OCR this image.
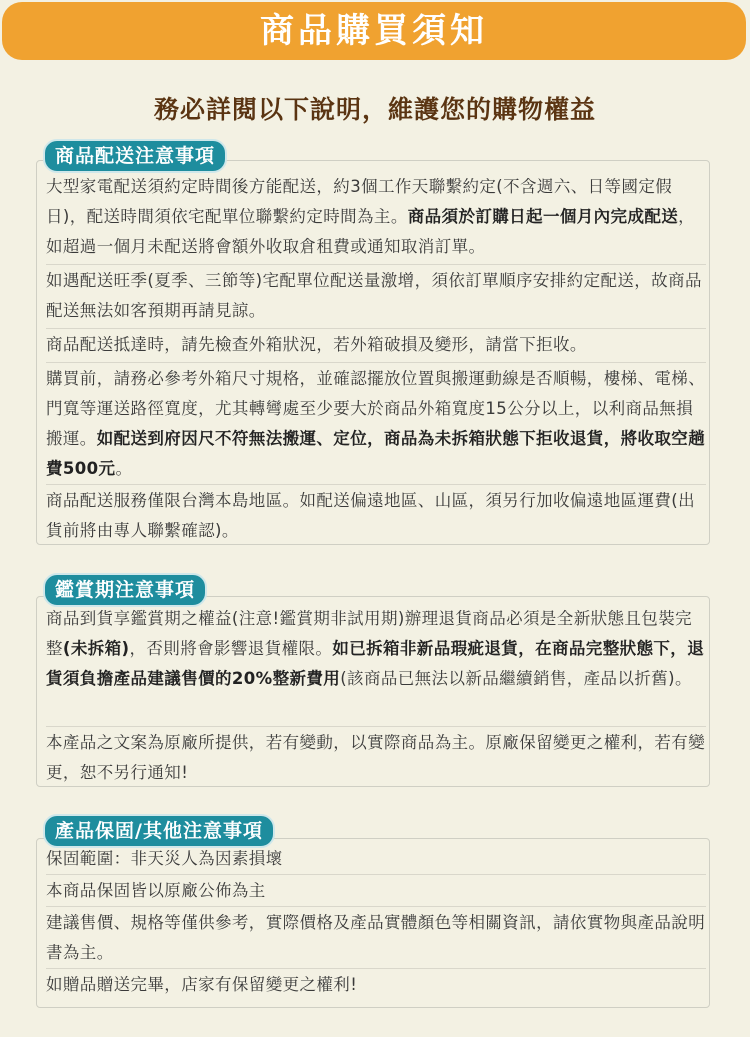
商品購買須知
務必詳閱以下說明，維護您的購物權益
商品配送注意事項

大型家電配送須約定時間後方能配送，約3個工作天聯繫約定(不含週六、日等國定假日)，配送時間須依宅配單位聯繫約定時間為主。商品須於訂購日起一個月內完成配送，如超過一個月未配送將會額外收取倉租費或通知取消訂單。

如遇配送旺季(夏季、三節等)宅配單位配送量激增，須依訂單順序安排約定配送，故商品配送無法如客預期再請見諒。

商品配送抵達時，請先檢查外箱狀況，若外箱破損及變形，請當下拒收。

購買前，請務必參考外箱尺寸規格，並確認擺放位置與搬運動線是否順暢，樓梯、電梯、門寬等運送路徑寬度，尤其轉彎處至少要大於商品外箱寬度15公分以上，以利商品無損搬運。如配送到府因尺不符無法搬運、定位，商品為未拆箱狀態下拒收退貨，將收取空趟費500元。

商品配送服務僅限台灣本島地區。如配送偏遠地區、山區，須另行加收偏遠地區運費(出貨前將由專人聯繫確認)。

鑑賞期注意事項

商品到貨享鑑賞期之權益(注意!鑑賞期非試用期)辦理退貨商品必須是全新狀態且包裝完整(未拆箱)，否則將會影響退貨權限。如已拆箱非新品瑕疵退貨，在商品完整狀態下，退貨須負擔產品建議售價的20%整新費用(該商品已無法以新品繼續銷售，產品以折舊)。

本產品之文案為原廠所提供，若有變動，以實際商品為主。原廠保留變更之權利，若有變更，恕不另行通知!

產品保固/其他注意事項

保固範圍：非天災人為因素損壞

本商品保固皆以原廠公佈為主

建議售價、規格等僅供參考，實際價格及產品實體顏色等相關資訊，請依實物與產品說明書為主。

如贈品贈送完畢，店家有保留變更之權利!
